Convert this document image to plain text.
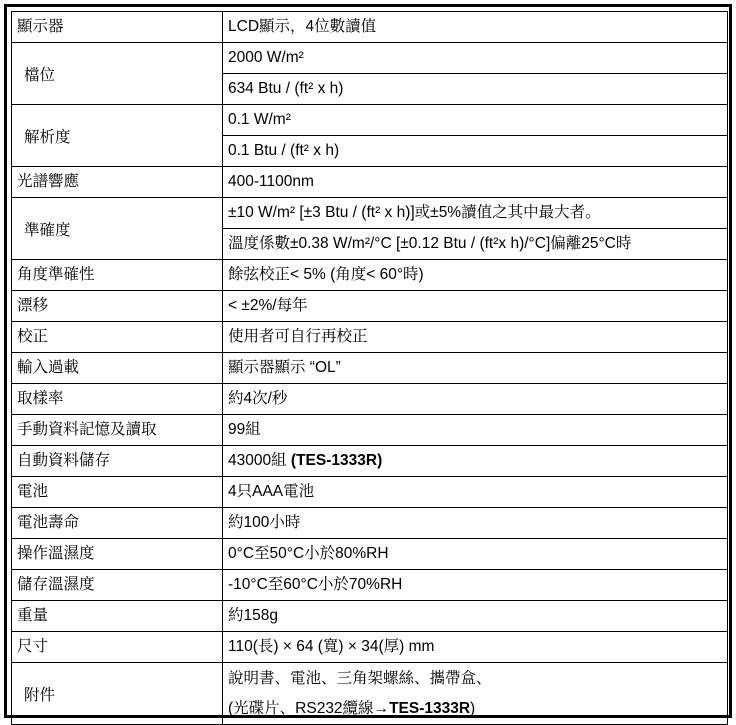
顯示器	LCD顯示，4位數讀值
檔位	2000 W/m²
634 Btu / (ft² x h)

解析度	0.1 W/m²
0.1 Btu / (ft² x h)

光譜響應	400-1100nm
準確度	±10 W/m² [±3 Btu / (ft² x h)]或±5%讀值之其中最大者。
溫度係數±0.38 W/m²/°C [±0.12 Btu / (ft²x h)/°C]偏離25°C時

角度準確性	餘弦校正< 5% (角度< 60°時)
漂移	< ±2%/每年
校正	使用者可自行再校正
輸入過載	顯示器顯示 “OL”
取樣率	約4次/秒
手動資料記憶及讀取	99組
自動資料儲存	43000組 (TES-1333R)
電池	4只AAA電池
電池壽命	約100小時
操作溫濕度	0°C至50°C小於80%RH
儲存溫濕度	-10°C至60°C小於70%RH
重量	約158g
尺寸	110(長) × 64 (寬) × 34(厚) mm
附件	說明書、電池、三角架螺絲、攜帶盒、
(光碟片、RS232纜線→TES-1333R)
